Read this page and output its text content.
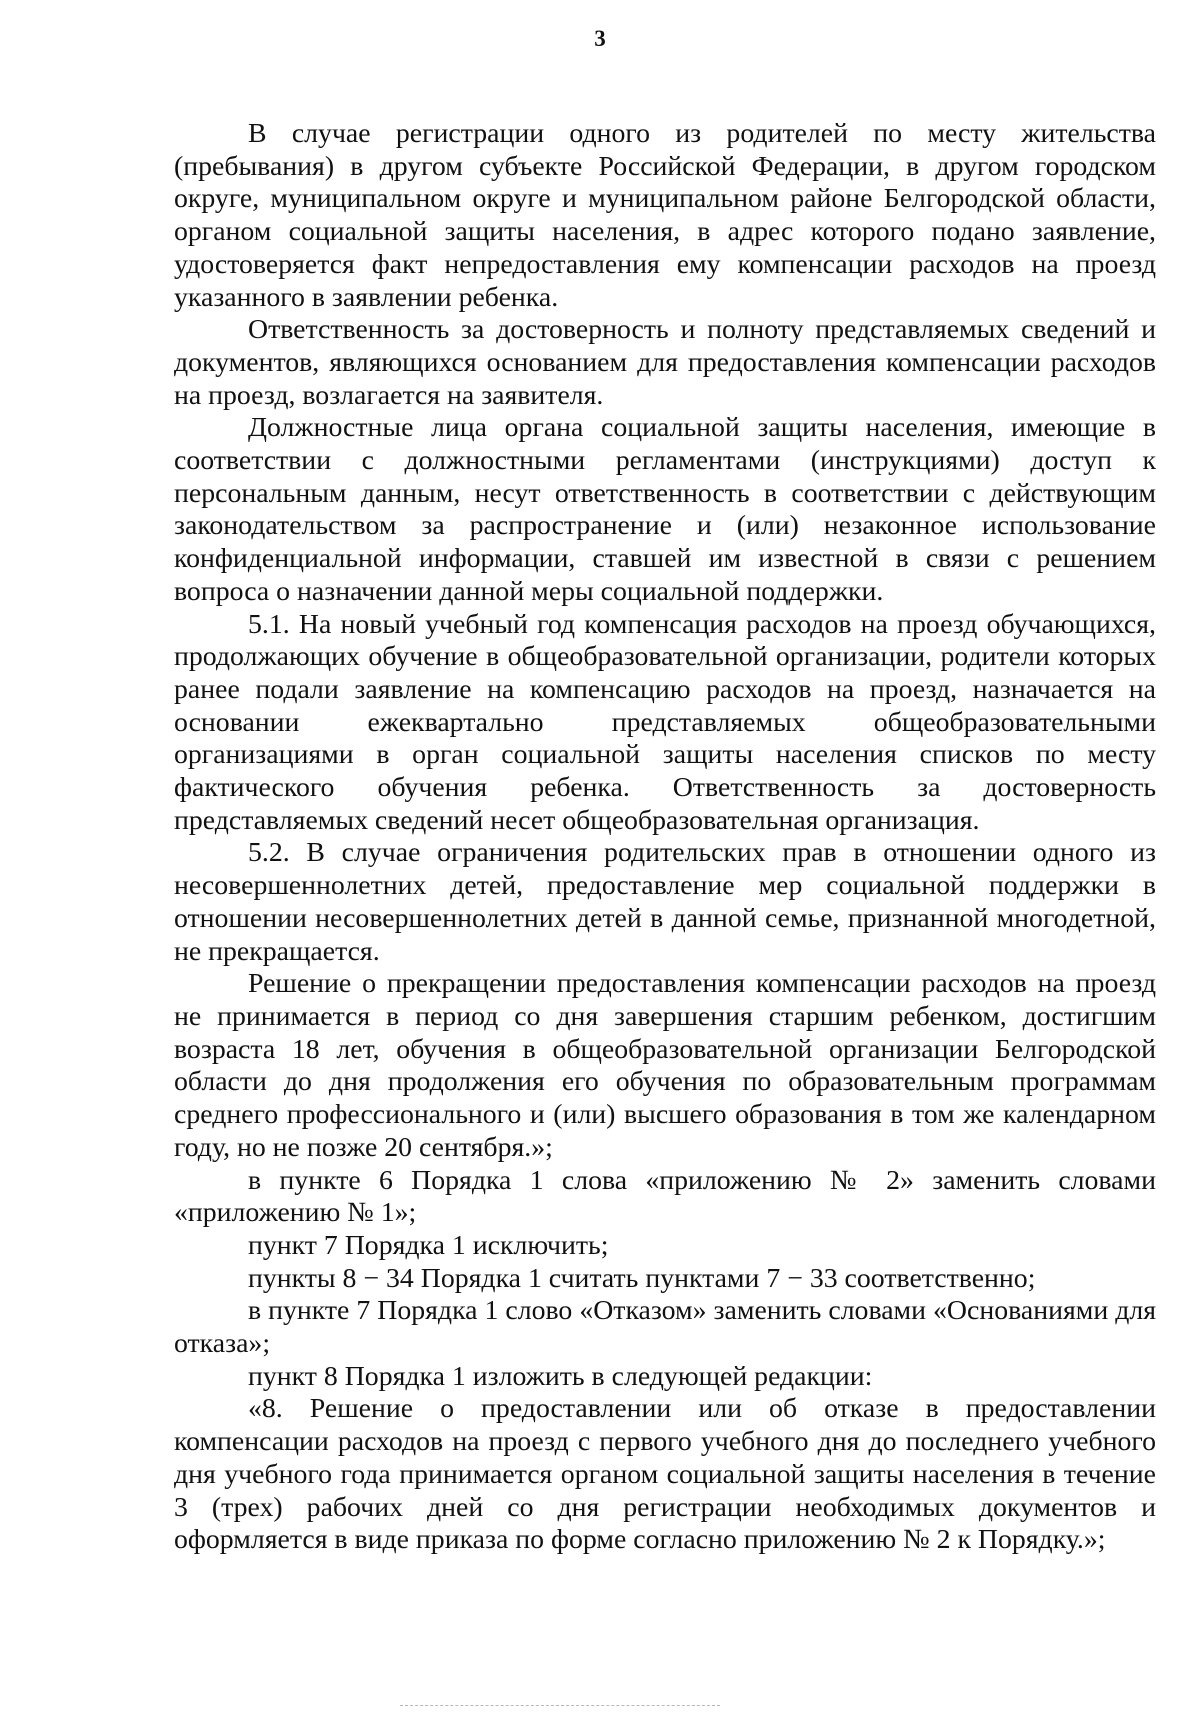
3

В случае регистрации одного из родителей по месту жительства (пребывания) в другом субъекте Российской Федерации, в другом городском округе, муниципальном округе и муниципальном районе Белгородской области, органом социальной защиты населения, в адрес которого подано заявление, удостоверяется факт непредоставления ему компенсации расходов на проезд указанного в заявлении ребенка.

Ответственность за достоверность и полноту представляемых сведений и документов, являющихся основанием для предоставления компенсации расходов на проезд, возлагается на заявителя.

Должностные лица органа социальной защиты населения, имеющие в соответствии с должностными регламентами (инструкциями) доступ к персональным данным, несут ответственность в соответствии с действующим законодательством за распространение и (или) незаконное использование конфиденциальной информации, ставшей им известной в связи с решением вопроса о назначении данной меры социальной поддержки.

5.1. На новый учебный год компенсация расходов на проезд обучающихся, продолжающих обучение в общеобразовательной организации, родители которых ранее подали заявление на компенсацию расходов на проезд, назначается на основании ежеквартально представляемых общеобразовательными организациями в орган социальной защиты населения списков по месту фактического обучения ребенка. Ответственность за достоверность представляемых сведений несет общеобразовательная организация.

5.2. В случае ограничения родительских прав в отношении одного из несовершеннолетних детей, предоставление мер социальной поддержки в отношении несовершеннолетних детей в данной семье, признанной многодетной, не прекращается.

Решение о прекращении предоставления компенсации расходов на проезд не принимается в период со дня завершения старшим ребенком, достигшим возраста 18 лет, обучения в общеобразовательной организации Белгородской области до дня продолжения его обучения по образовательным программам среднего профессионального и (или) высшего образования в том же календарном году, но не позже 20 сентября.»;

в пункте 6 Порядка 1 слова «приложению № 2» заменить словами «приложению № 1»;

пункт 7 Порядка 1 исключить;

пункты 8 − 34 Порядка 1 считать пунктами 7 − 33 соответственно;

в пункте 7 Порядка 1 слово «Отказом» заменить словами «Основаниями для отказа»;

пункт 8 Порядка 1 изложить в следующей редакции:

«8. Решение о предоставлении или об отказе в предоставлении компенсации расходов на проезд с первого учебного дня до последнего учебного дня учебного года принимается органом социальной защиты населения в течение 3 (трех) рабочих дней со дня регистрации необходимых документов и оформляется в виде приказа по форме согласно приложению № 2 к Порядку.»;
